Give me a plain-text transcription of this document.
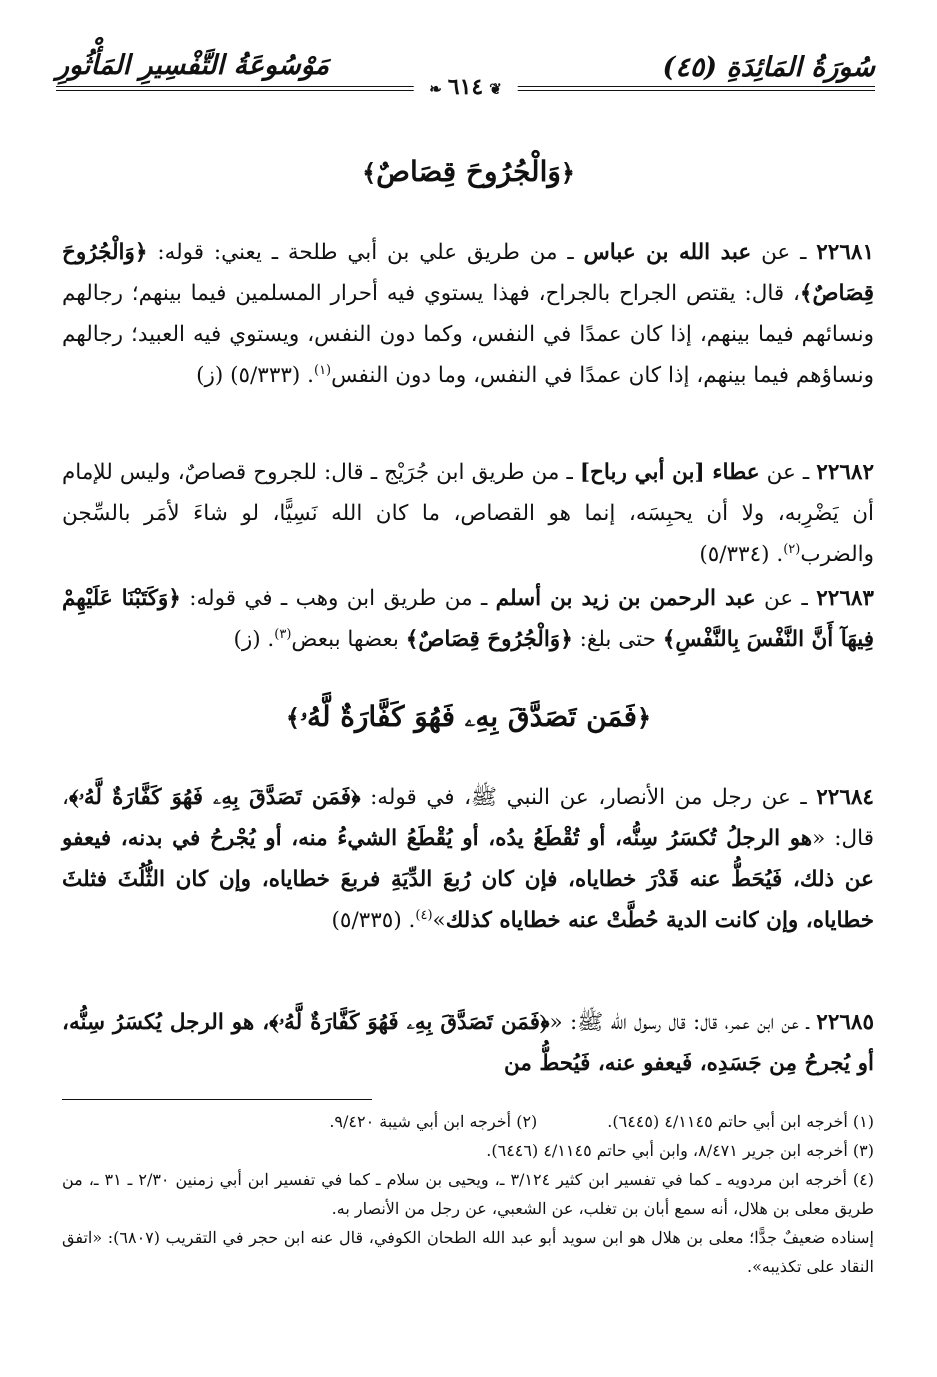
سُورَةُ المَائِدَةِ (٤٥)
مَوْسُوعَةُ التَّفْسِيرِ المَأْثُورِ
❦٦١٤❧
﴿وَالْجُرُوحَ قِصَاصٌ﴾
٢٢٦٨١ ـ عن عبد الله بن عباس ـ من طريق علي بن أبي طلحة ـ يعني: قوله: ﴿وَالْجُرُوحَ قِصَاصٌ﴾، قال: يقتص الجراح بالجراح، فهذا يستوي فيه أحرار المسلمين فيما بينهم؛ رجالهم ونسائهم فيما بينهم، إذا كان عمدًا في النفس، وكما دون النفس، ويستوي فيه العبيد؛ رجالهم ونساؤهم فيما بينهم، إذا كان عمدًا في النفس، وما دون النفس$^{(١)}$. (٥/٣٣٣) (ز)
٢٢٦٨٢ ـ عن عطاء [بن أبي رباح] ـ من طريق ابن جُرَيْج ـ قال: للجروح قصاصٌ، وليس للإمام أن يَضْرِبه، ولا أن يحبِسَه، إنما هو القصاص، ما كان الله نَسِيًّا، لو شاءَ لأمَر بالسِّجن والضرب$^{(٢)}$. (٥/٣٣٤)
٢٢٦٨٣ ـ عن عبد الرحمن بن زيد بن أسلم ـ من طريق ابن وهب ـ في قوله: ﴿وَكَتَبْنَا عَلَيْهِمْ فِيهَآ أَنَّ النَّفْسَ بِالنَّفْسِ﴾ حتى بلغ: ﴿وَالْجُرُوحَ قِصَاصٌ﴾ بعضها ببعض$^{(٣)}$. (ز)
﴿فَمَن تَصَدَّقَ بِهِۦ فَهُوَ كَفَّارَةٌ لَّهُۥ﴾
٢٢٦٨٤ ـ عن رجل من الأنصار، عن النبي ﷺ، في قوله: ﴿فَمَن تَصَدَّقَ بِهِۦ فَهُوَ كَفَّارَةٌ لَّهُۥ﴾، قال: «هو الرجلُ تُكسَرُ سِنُّه، أو تُقْطَعُ يدُه، أو يُقْطَعُ الشيءُ منه، أو يُجْرحُ في بدنه، فيعفو عن ذلك، فَيُحَطُّ عنه قَدْرَ خطاياه، فإن كان رُبعَ الدِّيَةِ فربعَ خطاياه، وإن كان الثُّلُثَ فثلثَ خطاياه، وإن كانت الدية حُطَّتْ عنه خطاياه كذلك»$^{(٤)}$. (٥/٣٣٥)
٢٢٦٨٥ ـ عن ابن عمر، قال: قال رسول الله ﷺ: «﴿فَمَن تَصَدَّقَ بِهِۦ فَهُوَ كَفَّارَةٌ لَّهُۥ﴾، هو الرجل يُكسَرُ سِنُّه، أو يُجرحُ مِن جَسَدِه، فَيعفو عنه، فَيُحطُّ من
(١) أخرجه ابن أبي حاتم ٤/١١٤٥ (٦٤٤٥).
(٢) أخرجه ابن أبي شيبة ٩/٤٢٠.
(٣) أخرجه ابن جرير ٨/٤٧١، وابن أبي حاتم ٤/١١٤٥ (٦٤٤٦).
(٤) أخرجه ابن مردويه ـ كما في تفسير ابن كثير ٣/١٢٤ ـ، ويحيى بن سلام ـ كما في تفسير ابن أبي زمنين ٢/٣٠ ـ ٣١ ـ، من طريق معلى بن هلال، أنه سمع أبان بن تغلب، عن الشعبي، عن رجل من الأنصار به.
إسناده ضعيفٌ جدًّا؛ معلى بن هلال هو ابن سويد أبو عبد الله الطحان الكوفي، قال عنه ابن حجر في التقريب (٦٨٠٧): «اتفق النقاد على تكذيبه».
